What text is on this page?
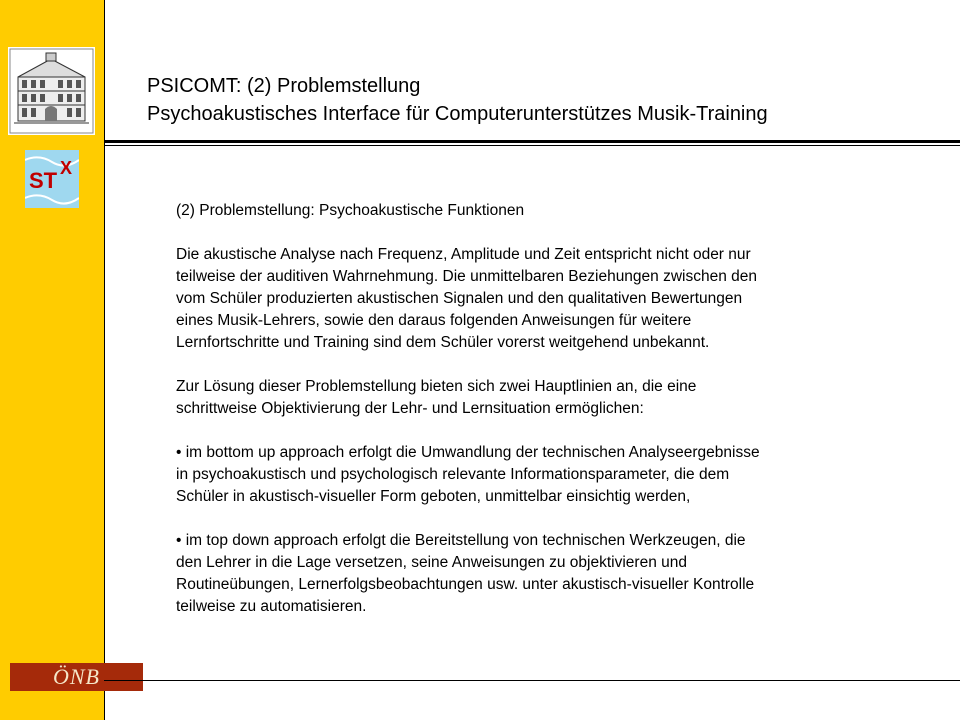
ST X
ÖNB
PSICOMT: (2) Problemstellung
Psychoakustisches Interface für Computerunterstützes Musik-Training

(2) Problemstellung: Psychoakustische Funktionen

Die akustische Analyse nach Frequenz, Amplitude und Zeit entspricht nicht oder nur
teilweise der auditiven Wahrnehmung. Die unmittelbaren Beziehungen zwischen den
vom Schüler produzierten akustischen Signalen und den qualitativen Bewertungen
eines Musik-Lehrers, sowie den daraus folgenden Anweisungen für weitere
Lernfortschritte und Training sind dem Schüler vorerst weitgehend unbekannt.

Zur Lösung dieser Problemstellung bieten sich zwei Hauptlinien an, die eine
schrittweise Objektivierung der Lehr- und Lernsituation ermöglichen:

• im bottom up approach erfolgt die Umwandlung der technischen Analyseergebnisse
in psychoakustisch und psychologisch relevante Informationsparameter, die dem
Schüler in akustisch-visueller Form geboten, unmittelbar einsichtig werden,

• im top down approach erfolgt die Bereitstellung von technischen Werkzeugen, die
den Lehrer in die Lage versetzen, seine Anweisungen zu objektivieren und
Routineübungen, Lernerfolgsbeobachtungen usw. unter akustisch-visueller Kontrolle
teilweise zu automatisieren.
